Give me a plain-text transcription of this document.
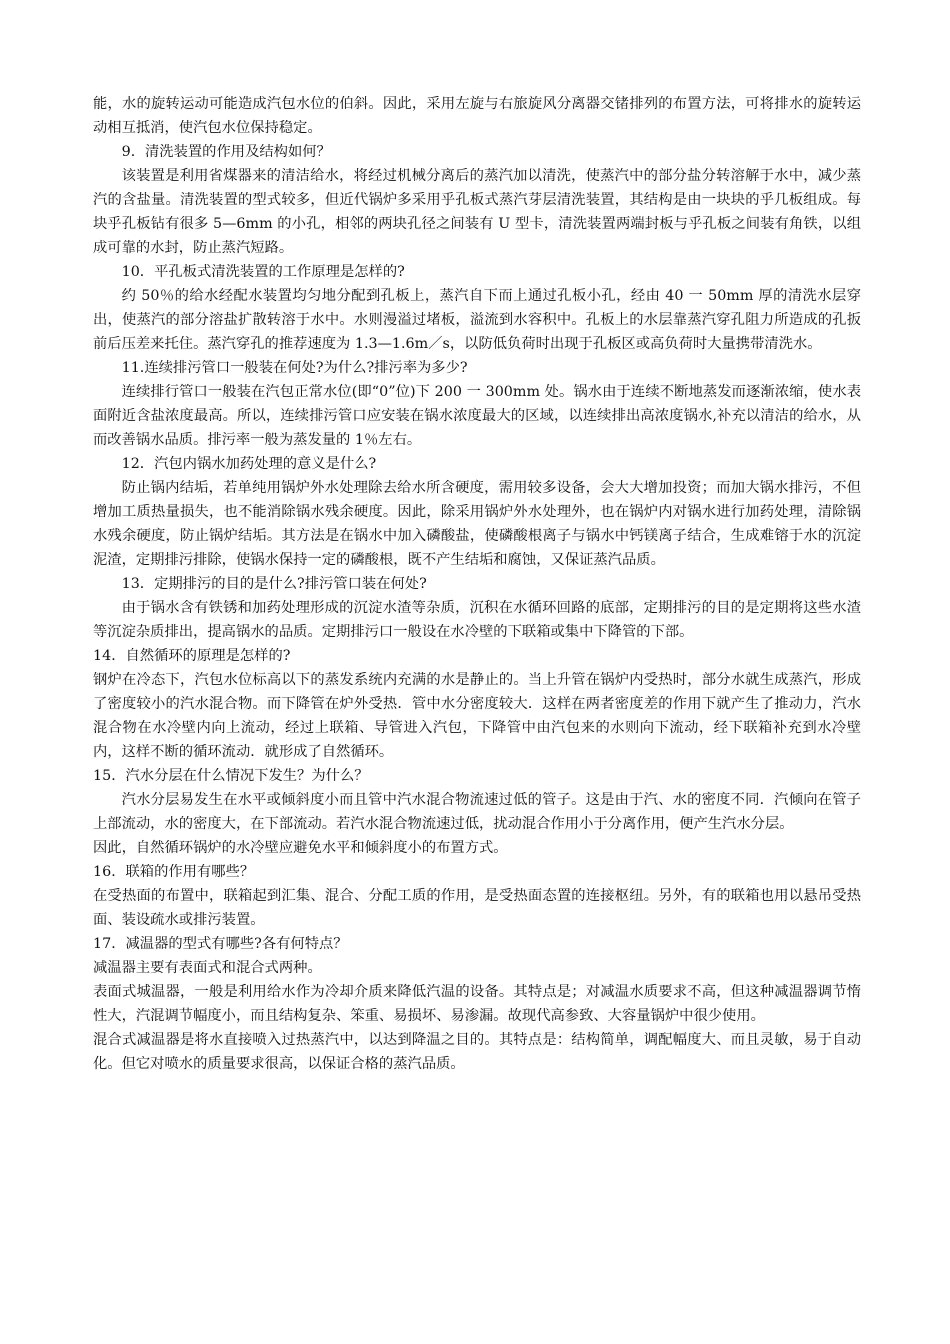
能，水的旋转运动可能造成汽包水位的伯斜。因此，采用左旋与右旅旋风分离器交锗排列的布置方法，可将排水的旋转运动相互抵消，使汽包水位保持稳定。

9．清洗装置的作用及结构如何？

该装置是利用省煤器来的清洁给水，将经过机械分离后的蒸汽加以清洗，使蒸汽中的部分盐分转溶解于水中，减少蒸汽的含盐量。清洗装置的型式较多，但近代锅炉多采用乎孔板式蒸汽芽层清洗装置，其结构是由一块块的乎几板组成。每块乎孔板钻有很多 5—6mm 的小孔，相邻的两块孔径之间装有 U 型卡，清洗装置两端封板与乎孔板之间装有角铁，以组成可靠的水封，防止蒸汽短路。

10．平孔板式清洗装置的工作原理是怎样的?

约 50％的给水经配水装置均匀地分配到孔板上，蒸汽自下而上通过孔板小孔，经由 40 一 50mm 厚的清洗水层穿出，使蒸汽的部分溶盐扩散转溶于水中。水则漫溢过堵板，溢流到水容积中。孔板上的水层靠蒸汽穿孔阻力所造成的孔扳前后压差来托住。蒸汽穿孔的推荐速度为 1.3—1.6m／s，以防低负荷时出现于孔板区或高负荷时大量携带清洗水。

11.连续排污管口一般装在何处?为什么?排污率为多少?

连续排行管口一般装在汽包正常水位(即“0”位)下 200 一 300mm 处。锅水由于连续不断地蒸发而逐渐浓缩，使水表面附近含盐浓度最高。所以，连续排污管口应安装在锅水浓度最大的区域，以连续排出高浓度锅水,补充以清洁的给水，从而改善锅水品质。排污率一般为蒸发量的 1％左右。

12．汽包内锅水加药处理的意义是什么?

防止锅内结垢，若单纯用锅炉外水处理除去给水所含硬度，需用较多设备，会大大增加投资；而加大锅水排污，不但增加工质热量损失，也不能消除锅水残余硬度。因此，除采用锅炉外水处理外，也在锅炉内对锅水进行加药处理，清除锅水残余硬度，防止锅炉结垢。其方法是在锅水中加入磷酸盐，使磷酸根离子与锅水中钙镁离子结合，生成难镕于水的沉淀泥渣，定期排污排除，使锅水保持一定的磷酸根，既不产生结垢和腐蚀，又保证蒸汽品质。

13．定期排污的目的是什么?排污管口装在何处?

由于锅水含有铁锈和加药处理形成的沉淀水渣等杂质，沉积在水循环回路的底部，定期排污的目的是定期将这些水渣等沉淀杂质排出，提高锅水的品质。定期排污口一般设在水冷壁的下联箱或集中下降管的下部。

14．自然循环的原理是怎样的?

钢炉在冷态下，汽包水位标高以下的蒸发系统内充满的水是静止的。当上升管在锅炉内受热时，部分水就生成蒸汽，形成了密度较小的汽水混合物。而下降管在炉外受热．管中水分密度较大．这样在两者密度差的作用下就产生了推动力，汽水混合物在水冷壁内向上流动，经过上联箱、导管进入汽包，下降管中由汽包来的水则向下流动，经下联箱补充到水冷壁内，这样不断的循环流动．就形成了自然循环。

15．汽水分层在什么情况下发生？为什么？

汽水分层易发生在水平或倾斜度小而且管中汽水混合物流速过低的管子。这是由于汽、水的密度不同．汽倾向在管子上部流动，水的密度大，在下部流动。若汽水混合物流速过低，扰动混合作用小于分离作用，便产生汽水分层。

因此，自然循环锅炉的水冷壁应避免水平和倾斜度小的布置方式。

16．联箱的作用有哪些？

在受热面的布置中，联箱起到汇集、混合、分配工质的作用，是受热面态置的连接枢纽。另外，有的联箱也用以悬吊受热面、装设疏水或排污装置。

17．减温器的型式有哪些?各有何特点？

减温器主要有表面式和混合式两种。

表面式城温器，一般是利用给水作为冷却介质来降低汽温的设备。其特点是；对减温水质要求不高，但这种减温器调节惰性大，汽混调节幅度小，而且结构复杂、笨重、易损坏、易渗漏。故现代高参致、大容量锅炉中很少使用。

混合式减温器是将水直接喷入过热蒸汽中，以达到降温之目的。其特点是：结构简单，调配幅度大、而且灵敏，易于自动化。但它对喷水的质量要求很高，以保证合格的蒸汽品质。
